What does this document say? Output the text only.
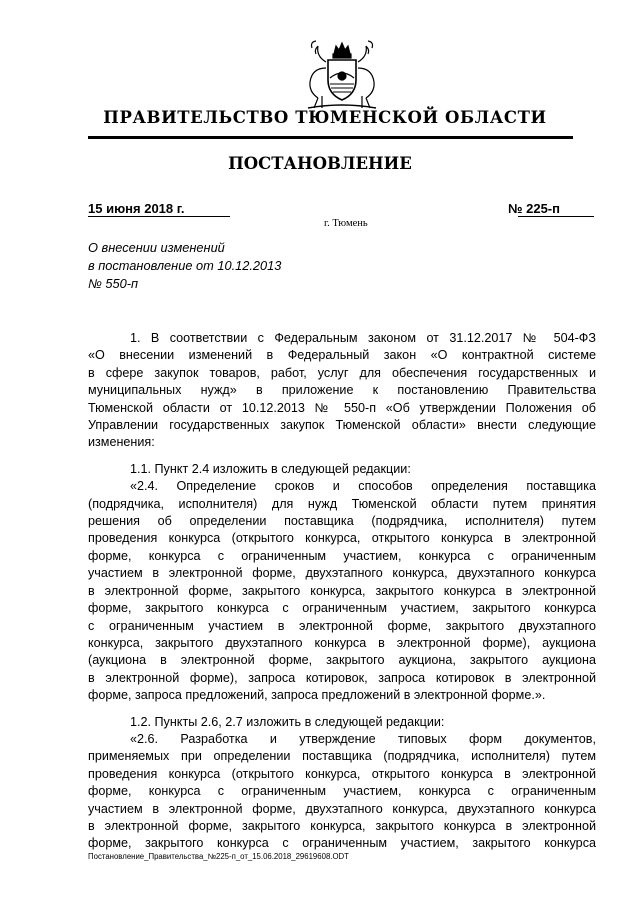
ПРАВИТЕЛЬСТВО ТЮМЕНСКОЙ ОБЛАСТИ
ПОСТАНОВЛЕНИЕ
15 июня 2018 г.	№ 225-п
г. Тюмень
О внесении изменений
в постановление от 10.12.2013
№ 550-п
1. В соответствии с Федеральным законом от 31.12.2017 № 504-ФЗ
«О внесении изменений в Федеральный закон «О контрактной системе
в сфере закупок товаров, работ, услуг для обеспечения государственных и
муниципальных нужд» в приложение к постановлению Правительства
Тюменской области от 10.12.2013 № 550-п «Об утверждении Положения об
Управлении государственных закупок Тюменской области» внести следующие
изменения:
1.1. Пункт 2.4 изложить в следующей редакции:
«2.4. Определение сроков и способов определения поставщика
(подрядчика, исполнителя) для нужд Тюменской области путем принятия
решения об определении поставщика (подрядчика, исполнителя) путем
проведения конкурса (открытого конкурса, открытого конкурса в электронной
форме, конкурса с ограниченным участием, конкурса с ограниченным
участием в электронной форме, двухэтапного конкурса, двухэтапного конкурса
в электронной форме, закрытого конкурса, закрытого конкурса в электронной
форме, закрытого конкурса с ограниченным участием, закрытого конкурса
с ограниченным участием в электронной форме, закрытого двухэтапного
конкурса, закрытого двухэтапного конкурса в электронной форме), аукциона
(аукциона в электронной форме, закрытого аукциона, закрытого аукциона
в электронной форме), запроса котировок, запроса котировок в электронной
форме, запроса предложений, запроса предложений в электронной форме.».
1.2. Пункты 2.6, 2.7 изложить в следующей редакции:
«2.6. Разработка и утверждение типовых форм документов,
применяемых при определении поставщика (подрядчика, исполнителя) путем
проведения конкурса (открытого конкурса, открытого конкурса в электронной
форме, конкурса с ограниченным участием, конкурса с ограниченным
участием в электронной форме, двухэтапного конкурса, двухэтапного конкурса
в электронной форме, закрытого конкурса, закрытого конкурса в электронной
форме, закрытого конкурса с ограниченным участием, закрытого конкурса
Постановление_Правительства_№225-п_от_15.06.2018_29619608.ODT
